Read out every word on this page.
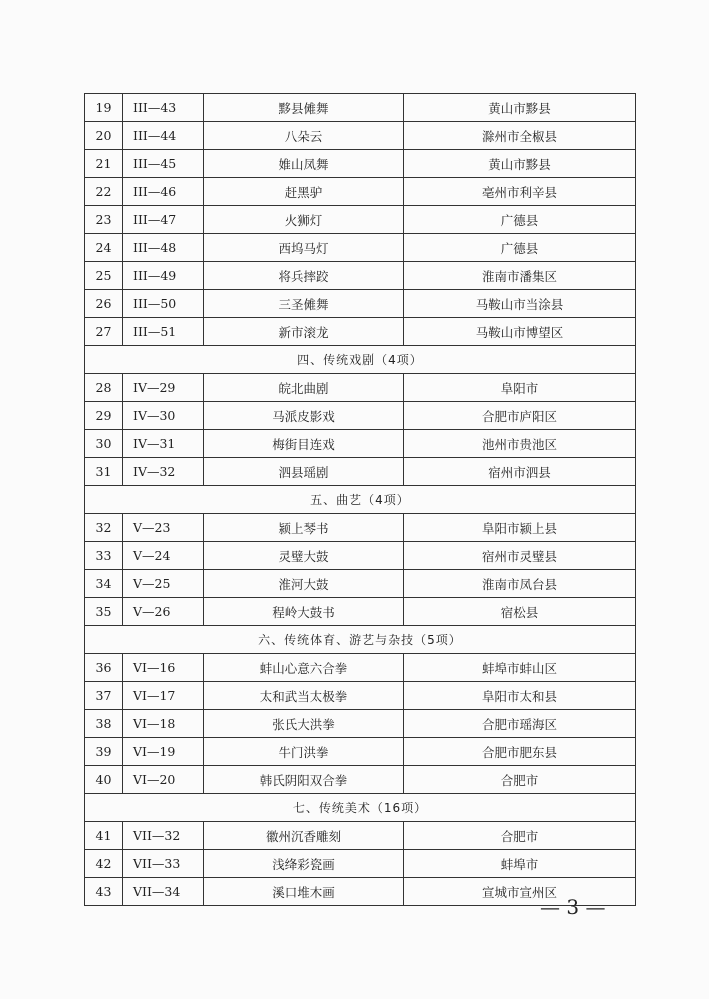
19	III—43	黟县傩舞	黄山市黟县
20	III—44	八朵云	滁州市全椒县
21	III—45	婎山凤舞	黄山市黟县
22	III—46	赶黑驴	亳州市利辛县
23	III—47	火狮灯	广德县
24	III—48	西坞马灯	广德县
25	III—49	将兵摔跤	淮南市潘集区
26	III—50	三圣傩舞	马鞍山市当涂县
27	III—51	新市滚龙	马鞍山市博望区
四、传统戏剧（4项）			
28	IV—29	皖北曲剧	阜阳市
29	IV—30	马派皮影戏	合肥市庐阳区
30	IV—31	梅街目连戏	池州市贵池区
31	IV—32	泗县瑶剧	宿州市泗县
五、曲艺（4项）			
32	V—23	颍上琴书	阜阳市颍上县
33	V—24	灵璧大鼓	宿州市灵璧县
34	V—25	淮河大鼓	淮南市凤台县
35	V—26	程岭大鼓书	宿松县
六、传统体育、游艺与杂技（5项）			
36	VI—16	蚌山心意六合拳	蚌埠市蚌山区
37	VI—17	太和武当太极拳	阜阳市太和县
38	VI—18	张氏大洪拳	合肥市瑶海区
39	VI—19	牛门洪拳	合肥市肥东县
40	VI—20	韩氏阴阳双合拳	合肥市
七、传统美术（16项）			
41	VII—32	徽州沉香雕刻	合肥市
42	VII—33	浅绛彩瓷画	蚌埠市
43	VII—34	溪口堆木画	宣城市宣州区
— 3 —
